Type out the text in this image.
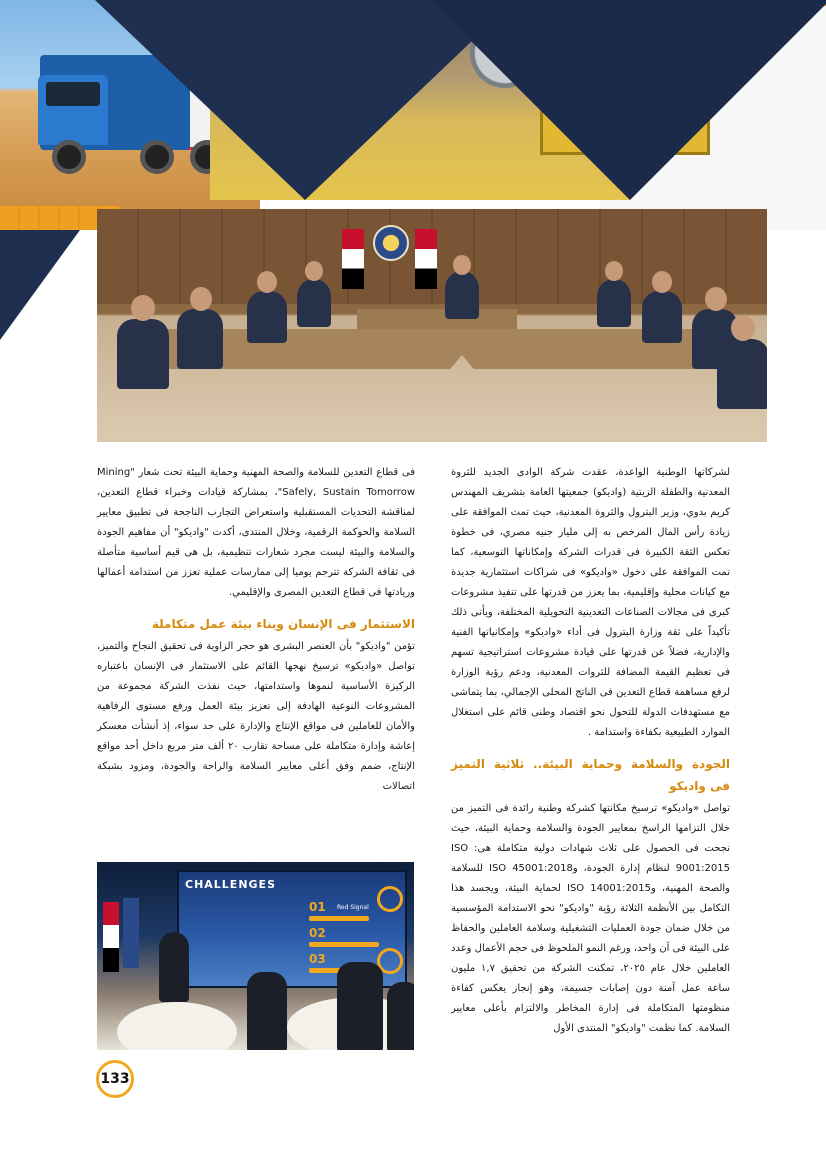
لشركاتها الوطنية الواعدة، عقدت شركة الوادى الجديد للثروة المعدنية والطفلة الزيتية (واديكو) جمعيتها العامة بتشريف المهندس كريم بدوي، وزير البترول والثروة المعدنية، حيث تمت الموافقة على زيادة رأس المال المرخص به إلى مليار جنيه مصري، فى خطوة تعكس الثقة الكبيرة فى قدرات الشركة وإمكاناتها التوسعية، كما تمت الموافقة على دخول «واديكو» فى شراكات استثمارية جديدة مع كيانات محلية وإقليمية، بما يعزز من قدرتها على تنفيذ مشروعات كبرى فى مجالات الصناعات التعدينية التحويلية المختلفة، ويأتى ذلك تأكيداً على ثقة وزارة البترول فى أداء «واديكو» وإمكانياتها الفنية والإدارية، فضلاً عن قدرتها على قيادة مشروعات استراتيجية تسهم فى تعظيم القيمة المضافة للثروات المعدنية، ودعم رؤية الوزارة لرفع مساهمة قطاع التعدين فى الناتج المحلى الإجمالي، بما يتماشى مع مستهدفات الدولة للتحول نحو اقتصاد وطنى قائم على استغلال الموارد الطبيعية بكفاءة واستدامة .

الجودة والسلامة وحماية البيئة.. ثلاثية التميز فى واديكو

تواصل «واديكو» ترسيخ مكانتها كشركة وطنية رائدة فى التميز من خلال التزامها الراسخ بمعايير الجودة والسلامة وحماية البيئة، حيث نجحت فى الحصول على ثلاث شهادات دولية متكاملة هى: ISO 9001:2015 لنظام إدارة الجودة، وISO 45001:2018 للسلامة والصحة المهنية، وISO 14001:2015 لحماية البيئة، ويجسد هذا التكامل بين الأنظمة الثلاثة رؤية "واديكو" نحو الاستدامة المؤسسية من خلال ضمان جودة العمليات التشغيلية وسلامة العاملين والحفاظ على البيئة فى آن واحد، ورغم النمو الملحوظ فى حجم الأعمال وعدد العاملين خلال عام ٢٠٢٥، تمكنت الشركة من تحقيق ١,٧ مليون ساعة عمل آمنة دون إصابات جسيمة، وهو إنجاز يعكس كفاءة منظومتها المتكاملة فى إدارة المخاطر والالتزام بأعلى معايير السلامة. كما نظمت "واديكو" المنتدى الأول

فى قطاع التعدين للسلامة والصحة المهنية وحماية البيئة تحت شعار "Mining Safely, Sustain Tomorrow"، بمشاركة قيادات وخبراء قطاع التعدين، لمناقشة التحديات المستقبلية واستعراض التجارب الناجحة فى تطبيق معايير السلامة والحوكمة الرقمية، وخلال المنتدى، أكدت "واديكو" أن مفاهيم الجودة والسلامة والبيئة ليست مجرد شعارات تنظيمية، بل هى قيم أساسية متأصلة فى ثقافة الشركة تترجم يوميا إلى ممارسات عملية تعزز من استدامة أعمالها وريادتها فى قطاع التعدين المصرى والإقليمي.

الاستثمار فى الإنسان وبناء بيئة عمل متكاملة

تؤمن "واديكو" بأن العنصر البشرى هو حجر الزاوية فى تحقيق النجاح والتميز، تواصل «واديكو» ترسيخ نهجها القائم على الاستثمار فى الإنسان باعتباره الركيزة الأساسية لنموها واستدامتها، حيث نفذت الشركة مجموعة من المشروعات النوعية الهادفة إلى تعزيز بيئة العمل ورفع مستوى الرفاهية والأمان للعاملين فى مواقع الإنتاج والإدارة على حد سواء، إذ أنشأت معسكر إعاشة وإدارة متكاملة على مساحة تقارب ٢٠ ألف متر مربع داخل أحد مواقع الإنتاج، ضمم وفق أعلى معايير السلامة والراحة والجودة، ومزود بشبكة اتصالات

CHALLENGES
01 Red Signal
02
03
133
